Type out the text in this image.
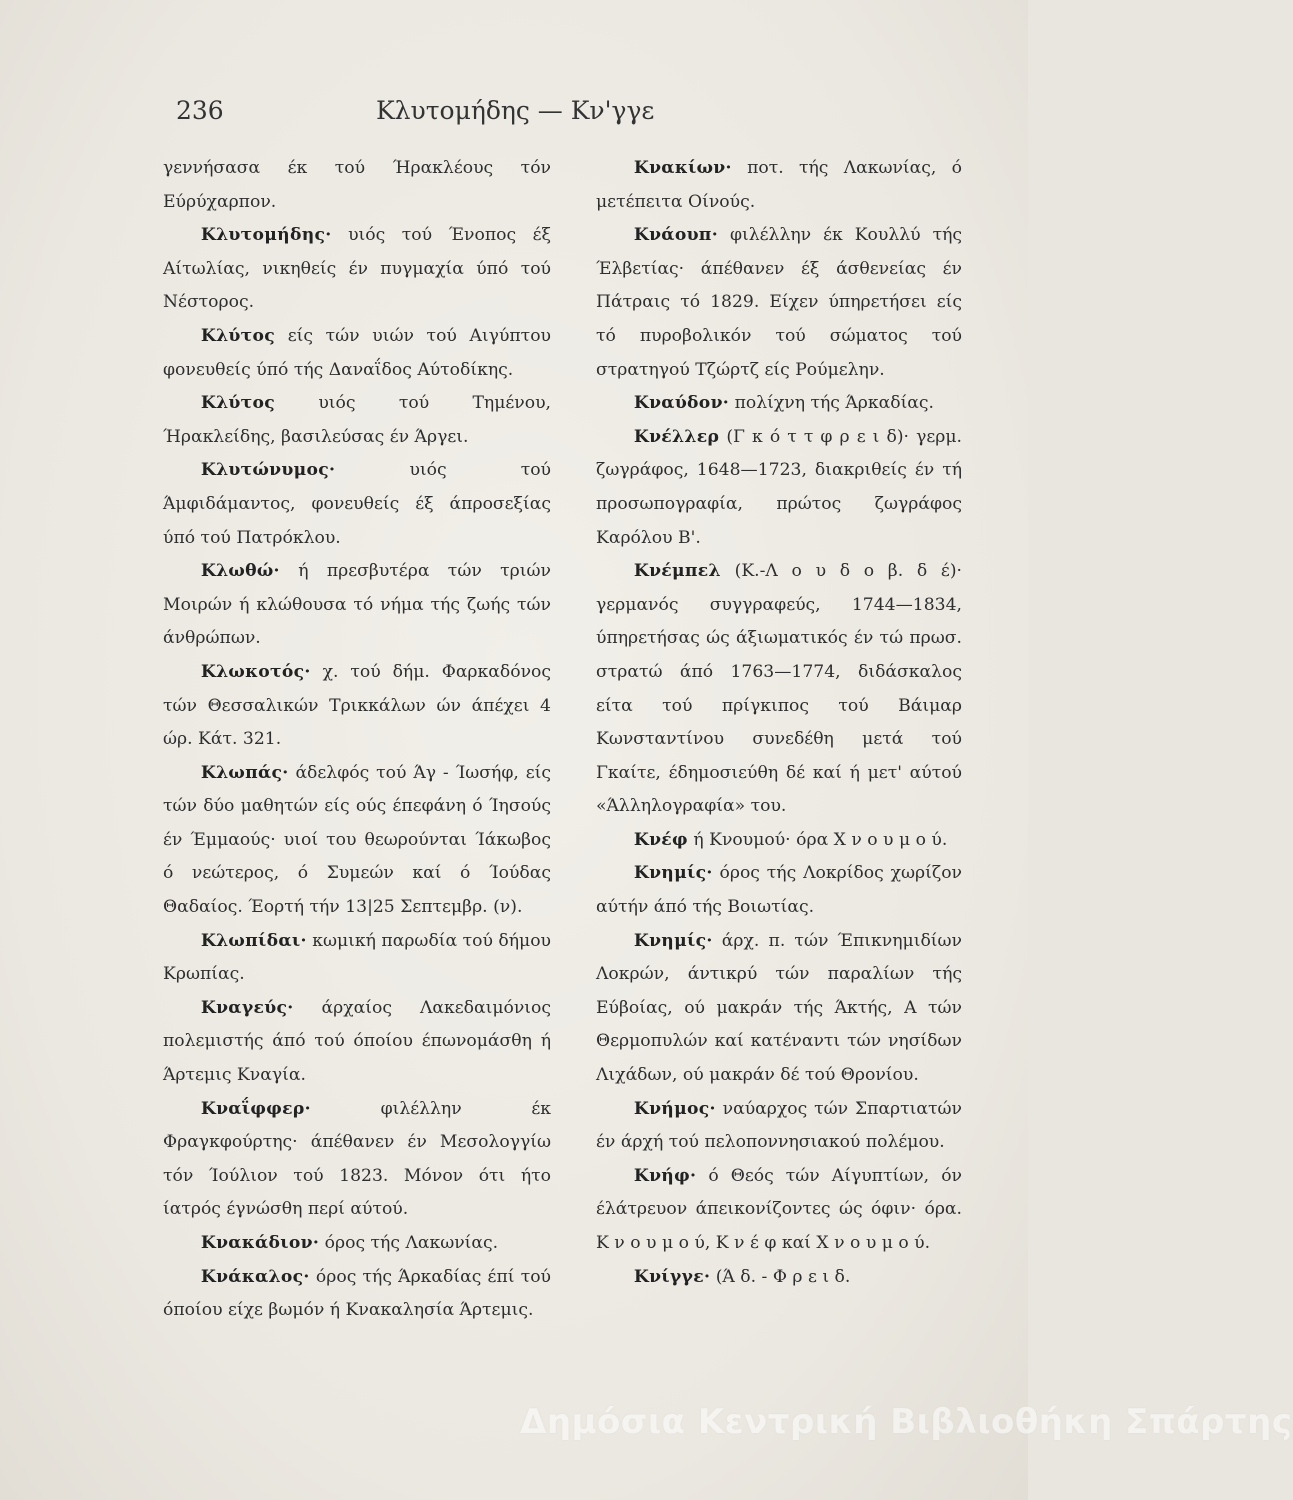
236	Κλυτομήδης — Κν'γγε

γεννήσασα έκ τού Ήρακλέους τόν Εύρύχαρπον.

Κλυτομήδης· υιός τού Ένοπος έξ Αίτωλίας, νικηθείς έν πυγμαχία ύπό τού Νέστορος.

Κλύτος είς τών υιών τού Αιγύπτου φονευθείς ύπό τής Δαναΐδος Αύτοδίκης.

Κλύτος	υιός τού Τημένου, Ήρακλείδης, βασιλεύσας έν Άργει.

Κλυτώνυμος·	υιός τού Άμφιδάμαντος, φονευθείς έξ άπροσεξίας ύπό τού Πατρόκλου.

Κλωθώ· ή πρεσβυτέρα τών τριών Μοιρών ή κλώθουσα τό νήμα τής ζωής τών άνθρώπων.

Κλωκοτός· χ. τού δήμ. Φαρκαδόνος τών Θεσσαλικών Τρικκάλων ών άπέχει 4 ώρ. Κάτ. 321.

Κλωπάς· άδελφός τού Άγ - Ίωσήφ, είς τών δύο μαθητών είς ούς έπεφάνη ό Ίησούς έν Έμμαούς· υιοί του θεωρούνται Ίάκωβος ό νεώτερος, ό Συμεών καί ό Ίούδας Θαδαίος. Έορτή τήν 13|25 Σεπτεμβρ. (ν).

Κλωπίδαι· κωμική παρωδία τού δήμου Κρωπίας.

Κναγεύς· άρχαίος Λακεδαιμόνιος πολεμιστής άπό τού όποίου έπωνομάσθη ή Άρτεμις Κναγία.

Κναΐφφερ·	φιλέλλην έκ Φραγκφούρτης· άπέθανεν έν Μεσολογγίω τόν Ίούλιον τού 1823. Μόνον ότι ήτο ίατρός έγνώσθη περί αύτού.

Κνακάδιον· όρος τής Λακωνίας.

Κνάκαλος· όρος τής Άρκαδίας έπί τού όποίου είχε βωμόν ή Κνακαλησία Άρτεμις.

Κνακίων· ποτ. τής Λακωνίας, ό μετέπειτα Οίνούς.

Κνάουπ· φιλέλλην έκ Κουλλύ τής Έλβετίας· άπέθανεν έξ άσθενείας έν Πάτραις τό 1829. Είχεν ύπηρετήσει είς τό πυροβολικόν τού σώματος τού στρατηγού Τζώρτζ είς Ρούμελην.

Κναύδον· πολίχνη τής Άρκαδίας.

Κνέλλερ (Γ κ ό τ τ φ ρ ε ι δ)· γερμ. ζωγράφος, 1648—1723, διακριθείς έν τή προσωπογραφία, πρώτος ζωγράφος Καρόλου Β'.

Κνέμπελ (Κ.-Λ ο υ δ ο β. δ έ)· γερμανός συγγραφεύς, 1744—1834, ύπηρετήσας ώς άξιωματικός έν τώ πρωσ. στρατώ άπό 1763—1774, διδάσκαλος είτα τού πρίγκιπος τού Βάιμαρ Κωνσταντίνου συνεδέθη μετά τού Γκαίτε, έδημοσιεύθη δέ καί ή μετ' αύτού «Άλληλογραφία» του.

Κνέφ ή Κνουμού· όρα Χ ν ο υ μ ο ύ.

Κνημίς· όρος τής Λοκρίδος χωρίζον αύτήν άπό τής Βοιωτίας.

Κνημίς· άρχ. π. τών Έπικνημιδίων Λοκρών, άντικρύ τών παραλίων τής Εύβοίας, ού μακράν τής Άκτής, Α τών Θερμοπυλών καί κατέναντι τών νησίδων Λιχάδων, ού μακράν δέ τού Θρονίου.

Κνήμος· ναύαρχος τών Σπαρτιατών έν άρχή τού πελοποννησιακού πολέμου.

Κνήφ· ό Θεός τών Αίγυπτίων, όν έλάτρευον άπεικονίζοντες ώς όφιν· όρα. Κ ν ο υ μ ο ύ, Κ ν έ φ καί Χ ν ο υ μ ο ύ.

Κνίγγε· (Ά δ. - Φ ρ ε ι δ.

Δημόσια Κεντρική Βιβλιοθήκη Σπάρτης
